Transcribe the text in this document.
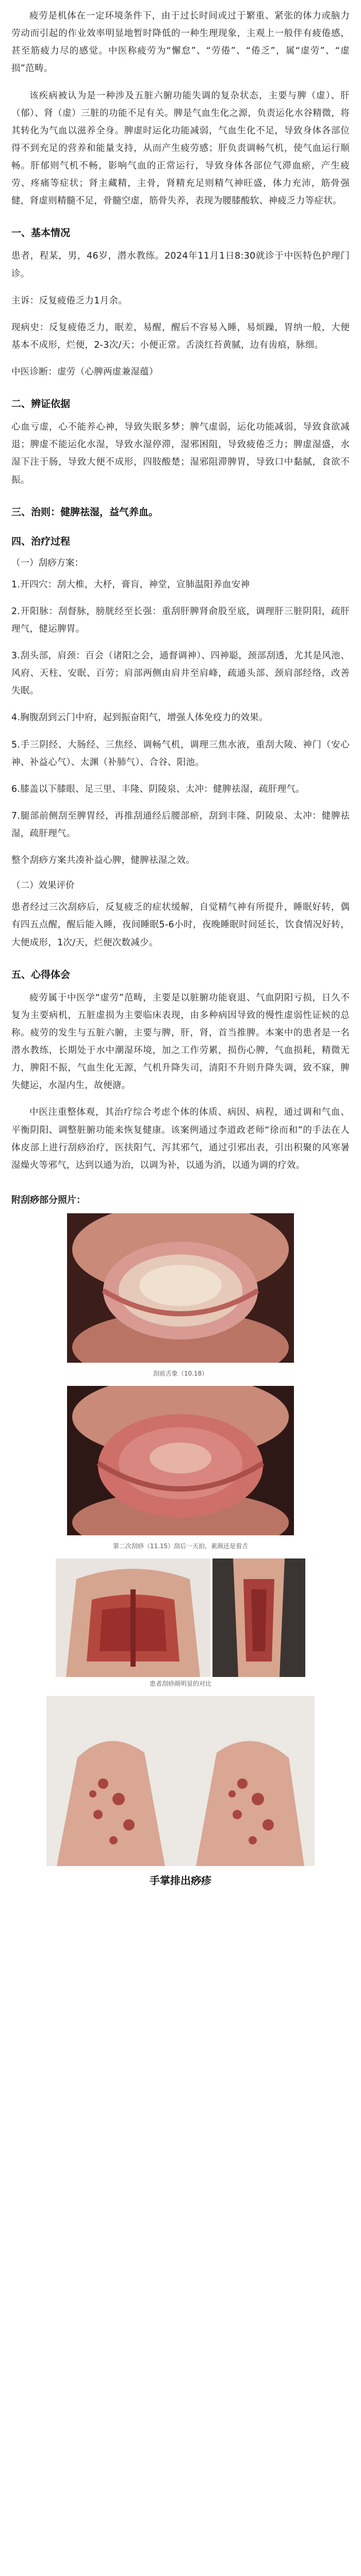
疲劳是机体在一定环境条件下，由于过长时间或过于繁重、紧张的体力或脑力劳动而引起的作业效率明显地暂时降低的一种生理现象，主观上一般伴有疲倦感，甚至筋疲力尽的感觉。中医称疲劳为“懈怠”、“劳倦”、“倦乏”，属“虚劳”、“虚损”范畴。

该疾病被认为是一种涉及五脏六腑功能失调的复杂状态，主要与脾（虚）、肝（郁）、肾（虚）三脏的功能不足有关。脾是气血生化之源，负责运化水谷精微，将其转化为气血以滋养全身。脾虚时运化功能减弱，气血生化不足，导致身体各部位得不到充足的营养和能量支持，从而产生疲劳感；肝负责调畅气机，使气血运行顺畅。肝郁则气机不畅，影响气血的正常运行，导致身体各部位气滞血瘀，产生疲劳、疼痛等症状；肾主藏精，主骨，肾精充足则精气神旺盛，体力充沛，筋骨强健，肾虚则精髓不足，骨髓空虚，筋骨失养，表现为腰膝酸软、神疲乏力等症状。

一、基本情况

患者，程某，男，46岁，潜水教练。2024年11月1日8:30就诊于中医特色护理门诊。

主诉：反复疲倦乏力1月余。

现病史：反复疲倦乏力，眠差，易醒，醒后不容易入睡，易烦躁，胃纳一般，大便基本不成形，烂便，2-3次/天；小便正常。舌淡红苔黄腻，边有齿痕，脉细。

中医诊断：虚劳（心脾两虚兼湿蕴）

二、辨证依据

心血亏虚，心不能养心神，导致失眠多梦；脾气虚弱，运化功能减弱，导致食欲减退；脾虚不能运化水湿，导致水湿停滞，湿邪困阻，导致疲倦乏力；脾虚湿盛，水湿下注于肠，导致大便不成形，四肢酸楚；湿邪阻滞脾胃，导致口中黏腻，食欲不振。

三、治则：健脾祛湿，益气养血。
四、治疗过程
（一）刮痧方案：

1.开四穴：刮大椎，大杼，膏肓，神堂，宣肺温阳养血安神

2.开阳脉：刮督脉，膀胱经至长强：重刮肝脾肾俞股至底，调理肝三脏阴阳，疏肝理气，健运脾胃。

3.刮头部，肩颈：百会（诸阳之会，通督调神）、四神聪，颈部刮透，尤其是风池、风府、天柱、安眠、百劳；肩部两侧由肩井至肩峰，疏通头部、颈肩部经络，改善失眠。

4.胸腹刮到云门中府，起到振奋阳气，增强人体免疫力的效果。

5.手三阴经、大肠经、三焦经、调畅气机，调理三焦水液，重刮大陵、神门（安心神、补益心气）、太渊（补肺气）、合谷、阳池。

6.膝盖以下膝眼、足三里、丰隆、阴陵泉、太冲：健脾祛湿，疏肝理气。

7.腿部前侧刮至脾胃经，再推刮通经后腰部瘀，刮到丰隆、阴陵泉、太冲：健脾祛湿，疏肝理气。

整个刮痧方案共凑补益心脾，健脾祛湿之效。

（二）效果评价

患者经过三次刮痧后，反复疲乏的症状缓解，自觉精气神有所提升，睡眠好转，偶有四五点醒，醒后能入睡，夜间睡眠5-6小时，夜晚睡眠时间延长，饮食情况好转，大便成形，1次/天，烂便次数减少。

五、心得体会

疲劳属于中医学“虚劳”范畴，主要是以脏腑功能衰退、气血阴阳亏损，日久不复为主要病机，五脏虚损为主要临床表现，由多种病因导致的慢性虚弱性证候的总称。疲劳的发生与五脏六腑，主要与脾，肝，肾，首当推脾。本案中的患者是一名潜水教练，长期处于水中潮湿环境，加之工作劳累，损伤心脾，气血损耗，精微无力，脾阳不振，气血生化无源，气机升降失司，清阳不升则升降失调，致不寐，脾失健运，水湿内生，故便溏。

中医注重整体观，其治疗综合考虑个体的体质、病因、病程，通过调和气血、平衡阴阳、调整脏腑功能来恢复健康。该案例通过李道政老师“徐而和”的手法在人体皮部上进行刮痧治疗，医扶阳气、泻其邪气，通过引邪出表，引出积聚的风寒暑湿燥火等邪气，达到以通为治，以调为补，以通为消，以通为调的疗效。

附刮痧部分照片：
刮前舌象（10.18）
第二次刮痧（11.15）刮后一天拍，素颜还是看舌
患者刮痧颜明显的对比
手掌排出痧疹
